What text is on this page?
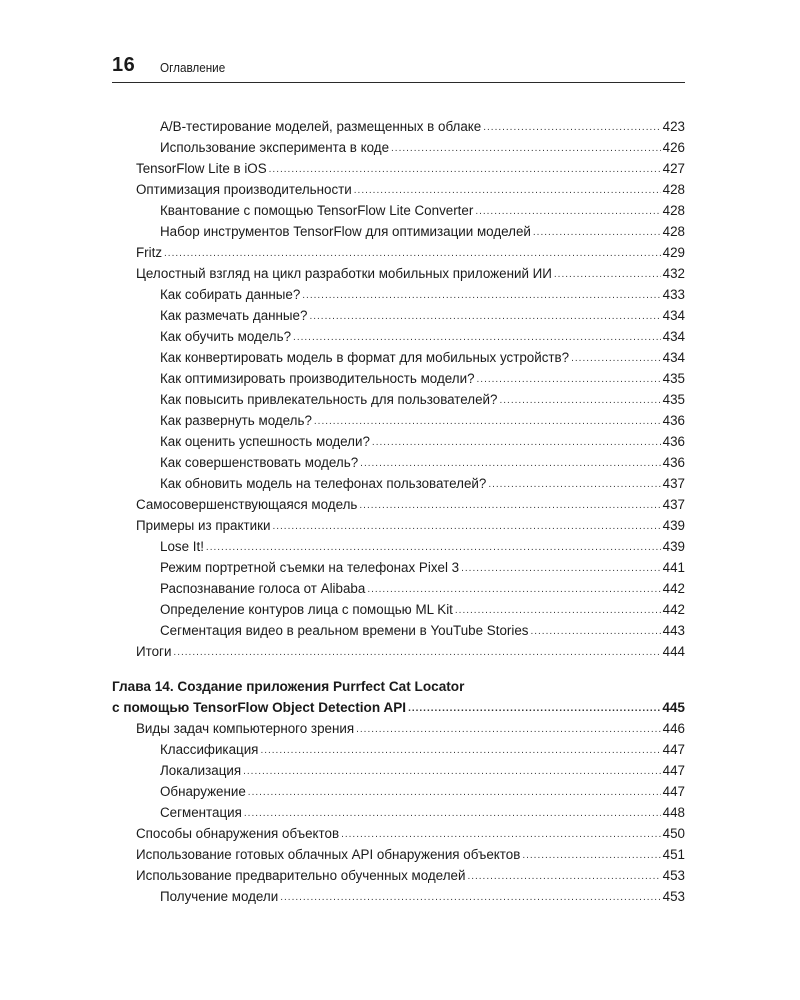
16 Оглавление
A/B-тестирование моделей, размещенных в облаке .....	423
Использование эксперимента в коде .....	426
TensorFlow Lite в iOS .....	427
Оптимизация производительности .....	428
Квантование с помощью TensorFlow Lite Converter .....	428
Набор инструментов TensorFlow для оптимизации моделей .....	428
Fritz .....	429
Целостный взгляд на цикл разработки мобильных приложений ИИ .....	432
Как собирать данные? .....	433
Как размечать данные? .....	434
Как обучить модель? .....	434
Как конвертировать модель в формат для мобильных устройств? .....	434
Как оптимизировать производительность модели? .....	435
Как повысить привлекательность для пользователей? .....	435
Как развернуть модель? .....	436
Как оценить успешность модели? .....	436
Как совершенствовать модель? .....	436
Как обновить модель на телефонах пользователей? .....	437
Самосовершенствующаяся модель .....	437
Примеры из практики .....	439
Lose It! .....	439
Режим портретной съемки на телефонах Pixel 3 .....	441
Распознавание голоса от Alibaba .....	442
Определение контуров лица с помощью ML Kit .....	442
Сегментация видео в реальном времени в YouTube Stories .....	443
Итоги .....	444
Глава 14. Создание приложения Purrfect Cat Locator
с помощью TensorFlow Object Detection API .....	445
Виды задач компьютерного зрения .....	446
Классификация .....	447
Локализация .....	447
Обнаружение .....	447
Сегментация .....	448
Способы обнаружения объектов .....	450
Использование готовых облачных API обнаружения объектов .....	451
Использование предварительно обученных моделей .....	453
Получение модели .....	453
